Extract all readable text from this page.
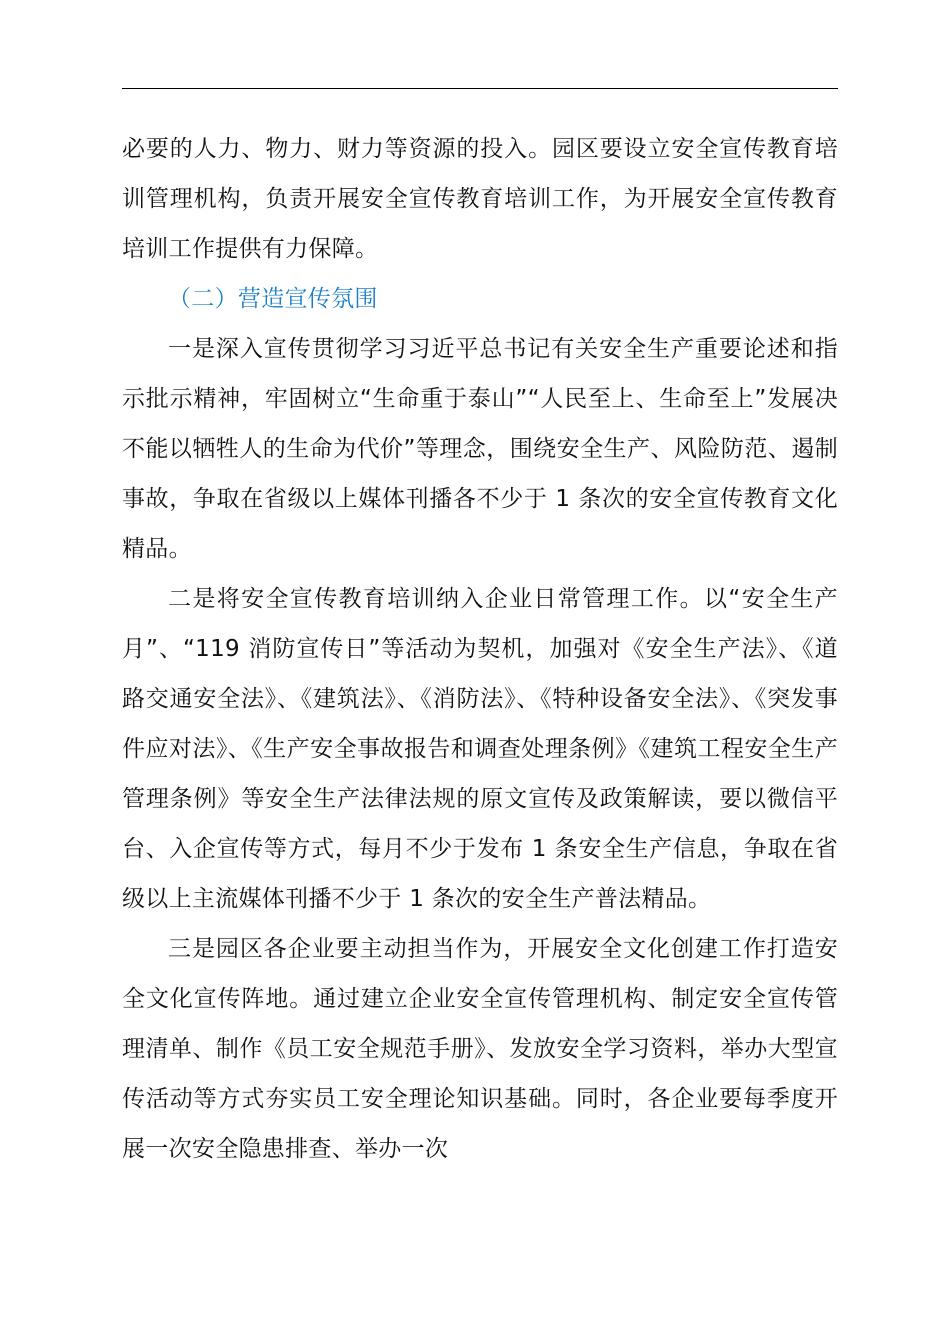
必要的人力、物力、财力等资源的投入。园区要设立安全宣传教育培训管理机构，负责开展安全宣传教育培训工作，为开展安全宣传教育培训工作提供有力保障。

（二）营造宣传氛围

一是深入宣传贯彻学习习近平总书记有关安全生产重要论述和指示批示精神，牢固树立“生命重于泰山”“人民至上、生命至上”发展决不能以牺牲人的生命为代价”等理念，围绕安全生产、风险防范、遏制事故，争取在省级以上媒体刊播各不少于 1 条次的安全宣传教育文化精品。

二是将安全宣传教育培训纳入企业日常管理工作。以“安全生产月”、“119 消防宣传日”等活动为契机，加强对《安全生产法》、《道路交通安全法》、《建筑法》、《消防法》、《特种设备安全法》、《突发事件应对法》、《生产安全事故报告和调查处理条例》《建筑工程安全生产管理条例》等安全生产法律法规的原文宣传及政策解读，要以微信平台、入企宣传等方式，每月不少于发布 1 条安全生产信息，争取在省级以上主流媒体刊播不少于 1 条次的安全生产普法精品。

三是园区各企业要主动担当作为，开展安全文化创建工作打造安全文化宣传阵地。通过建立企业安全宣传管理机构、制定安全宣传管理清单、制作《员工安全规范手册》、发放安全学习资料，举办大型宣传活动等方式夯实员工安全理论知识基础。同时，各企业要每季度开展一次安全隐患排查、举办一次
